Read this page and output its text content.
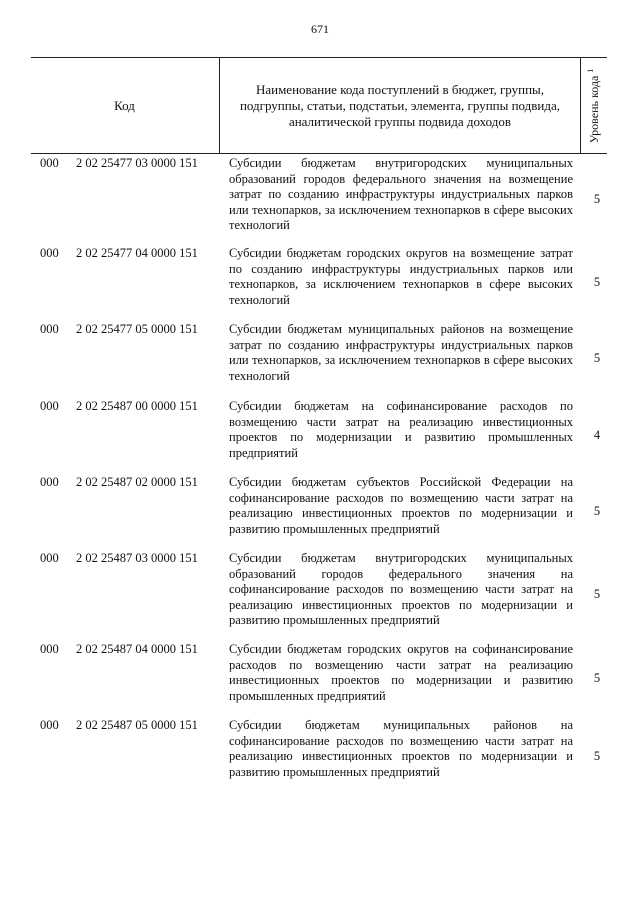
671
Код
Наименование кода поступлений в бюджет, группы, подгруппы, статьи, подстатьи, элемента, группы подвида, аналитической группы подвида доходов	Уровень кода $^1$
000 2 02 25477 03 0000 151 Субсидии бюджетам внутригородских муниципальных образований городов федерального значения на возмещение затрат по созданию инфраструктуры индустриальных парков или технопарков, за исключением технопарков в сфере высоких технологий
5
000 2 02 25477 04 0000 151 Субсидии бюджетам городских округов на возмещение затрат по созданию инфраструктуры индустриальных парков или технопарков, за исключением технопарков в сфере высоких технологий
5
000 2 02 25477 05 0000 151 Субсидии бюджетам муниципальных районов на возмещение затрат по созданию инфраструктуры индустриальных парков или технопарков, за исключением технопарков в сфере высоких технологий
5
000 2 02 25487 00 0000 151 Субсидии бюджетам на софинансирование расходов по возмещению части затрат на реализацию инвестиционных проектов по модернизации и развитию промышленных предприятий
4
000 2 02 25487 02 0000 151 Субсидии бюджетам субъектов Российской Федерации на софинансирование расходов по возмещению части затрат на реализацию инвестиционных проектов по модернизации и развитию промышленных предприятий
5
000 2 02 25487 03 0000 151 Субсидии бюджетам внутригородских муниципальных образований городов федерального значения на софинансирование расходов по возмещению части затрат на реализацию инвестиционных проектов по модернизации и развитию промышленных предприятий
5
000 2 02 25487 04 0000 151 Субсидии бюджетам городских округов на софинансирование расходов по возмещению части затрат на реализацию инвестиционных проектов по модернизации и развитию промышленных предприятий
5
000 2 02 25487 05 0000 151 Субсидии бюджетам муниципальных районов на софинансирование расходов по возмещению части затрат на реализацию инвестиционных проектов по модернизации и развитию промышленных предприятий
5
